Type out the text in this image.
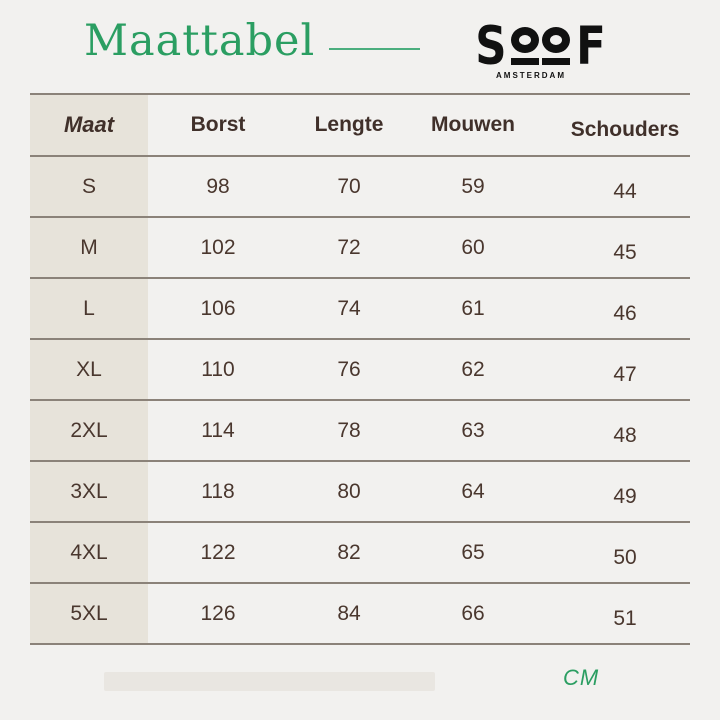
Maattabel	S F
AMSTERDAM
Maat	Borst	Lengte	Mouwen	Schouders
S	98	70	59	44
M	102	72	60	45
L	106	74	61	46
XL	110	76	62	47
2XL	114	78	63	48
3XL	118	80	64	49
4XL	122	82	65	50
5XL	126	84	66	51
CM
